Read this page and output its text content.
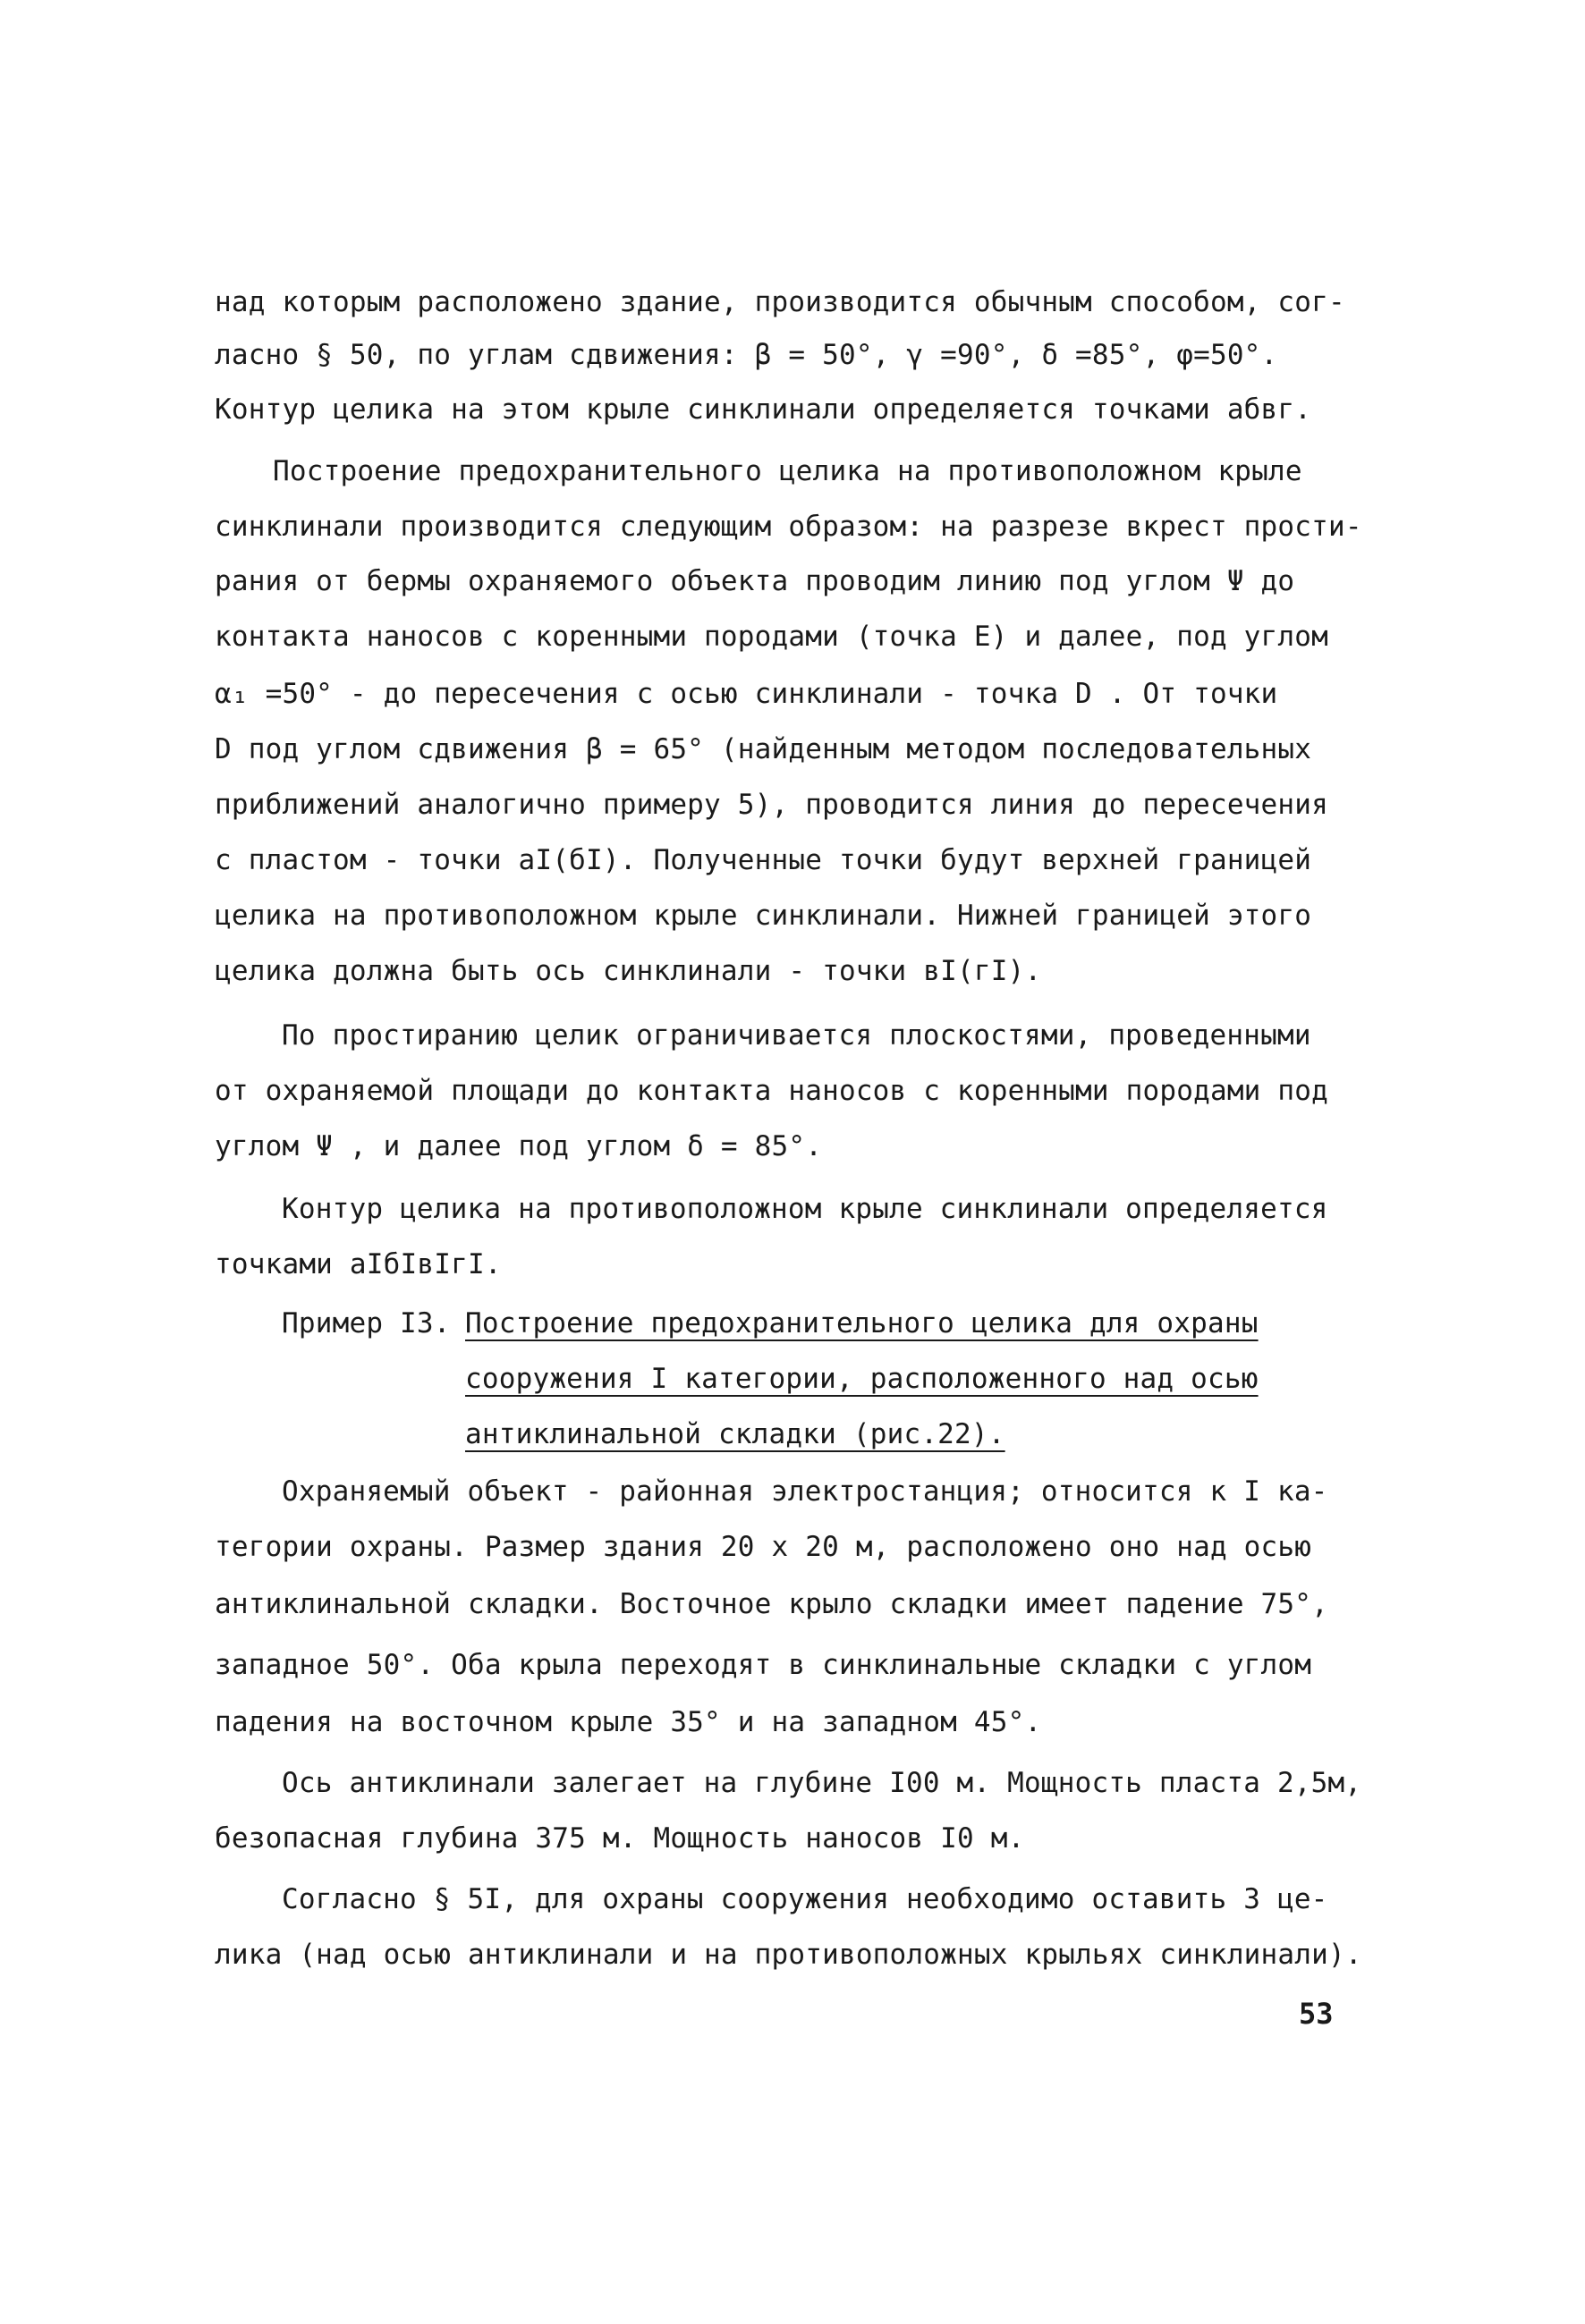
над которым расположено здание, производится обычным способом, сог-
ласно § 50, по углам сдвижения: β = 50°, γ =90°, δ =85°, φ=50°.
Контур целика на этом крыле синклинали определяется точками абвг.
Построение предохранительного целика на противоположном крыле
синклинали производится следующим образом: на разрезе вкрест прости-
рания от бермы охраняемого объекта проводим линию под углом Ψ до
контакта наносов с коренными породами (точка Е) и далее, под углом
α₁ =50° - до пересечения с осью синклинали - точка D . От точки
D под углом сдвижения β = 65° (найденным методом последовательных
приближений аналогично примеру 5), проводится линия до пересечения
с пластом - точки aI(бI). Полученные точки будут верхней границей
целика на противоположном крыле синклинали. Нижней границей этого
целика должна быть ось синклинали - точки вI(гI).
По простиранию целик ограничивается плоскостями, проведенными
от охраняемой площади до контакта наносов с коренными породами под
углом Ψ , и далее под углом δ = 85°.
Контур целика на противоположном крыле синклинали определяется
точками aIбIвIгI.
Пример I3. Построение предохранительного целика для охраны
сооружения I категории, расположенного над осью
антиклинальной складки (рис.22).
Охраняемый объект - районная электростанция; относится к I ка-
тегории охраны. Размер здания 20 х 20 м, расположено оно над осью
антиклинальной складки. Восточное крыло складки имеет падение 75°,
западное 50°. Оба крыла переходят в синклинальные складки с углом
падения на восточном крыле 35° и на западном 45°.
Ось антиклинали залегает на глубине I00 м. Мощность пласта 2,5м,
безопасная глубина 375 м. Мощность наносов I0 м.
Согласно § 5I, для охраны сооружения необходимо оставить 3 це-
лика (над осью антиклинали и на противоположных крыльях синклинали).
53
